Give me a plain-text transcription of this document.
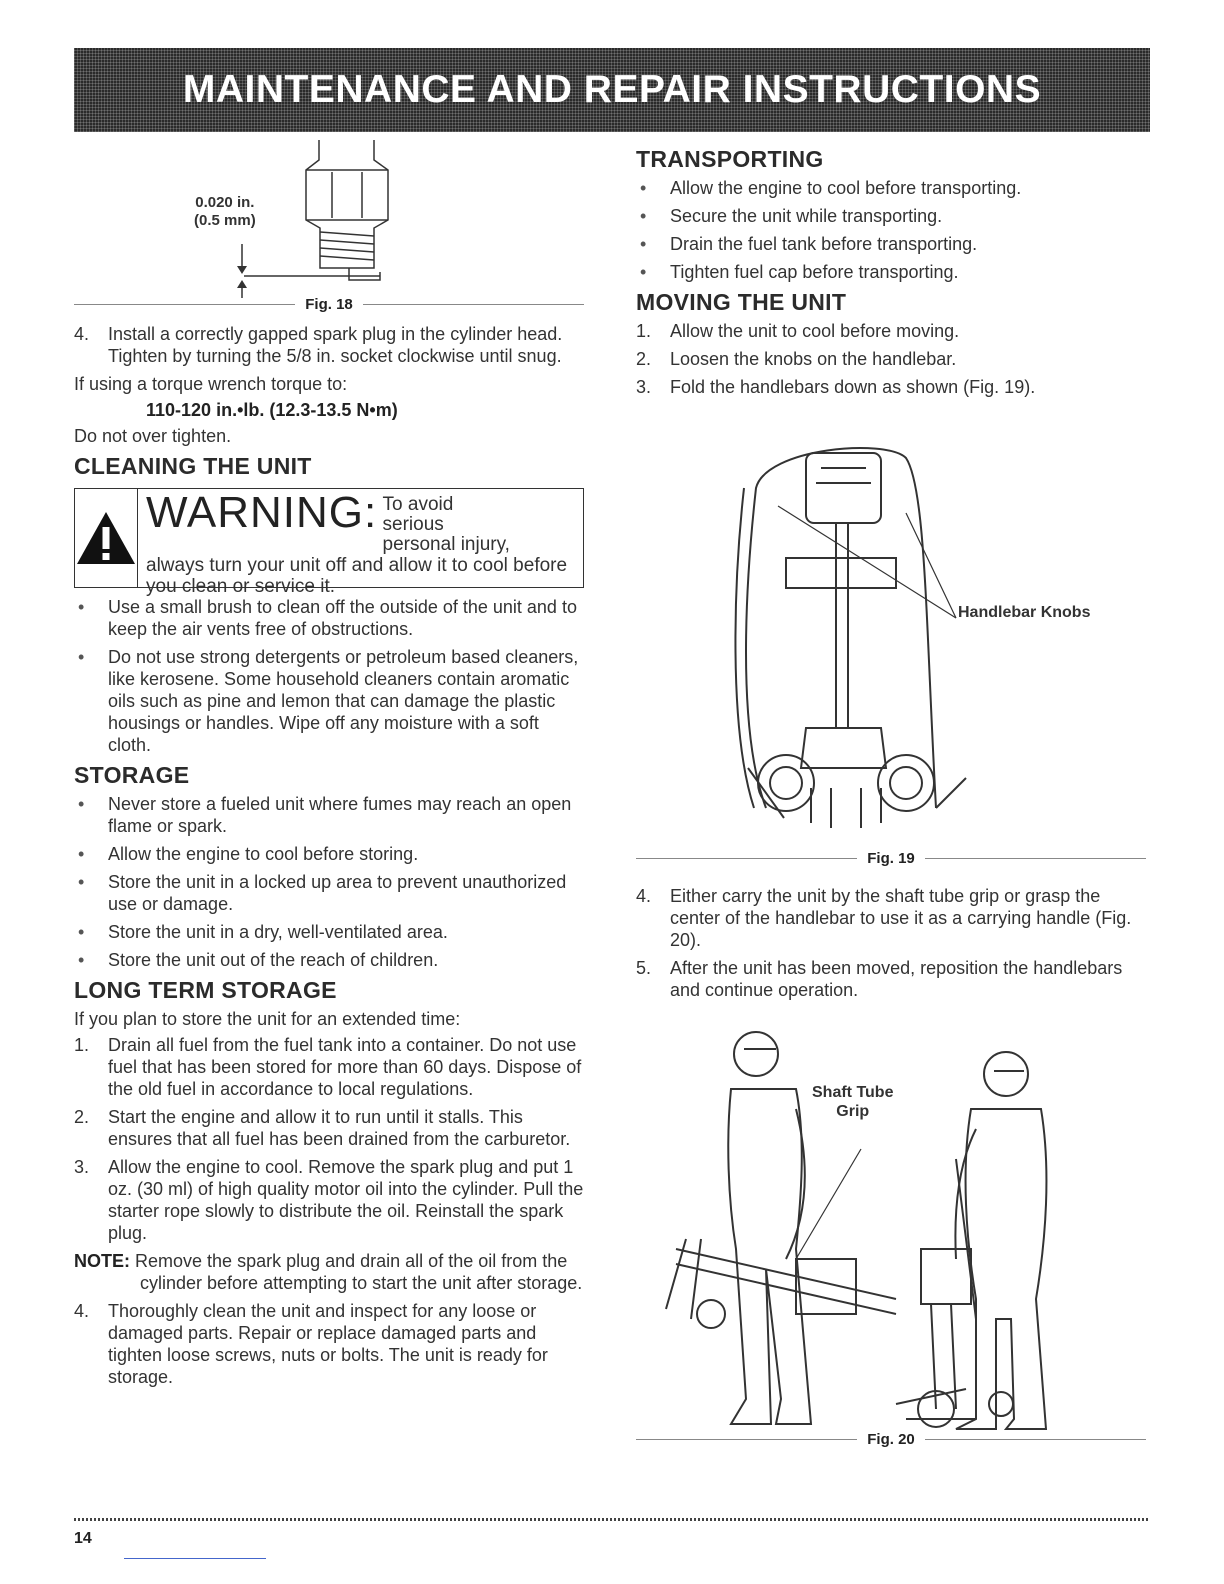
MAINTENANCE AND REPAIR INSTRUCTIONS
0.020 in.
(0.5 mm)
Fig. 18
4. Install a correctly gapped spark plug in the cylinder head. Tighten by turning the 5/8 in. socket clockwise until snug.

If using a torque wrench torque to:

110-120 in.•lb. (12.3-13.5 N•m)

Do not over tighten.

CLEANING THE UNIT
WARNING: To avoid serious personal injury,
always turn your unit off and allow it to cool before you clean or service it.
• Use a small brush to clean off the outside of the unit and to keep the air vents free of obstructions.
• Do not use strong detergents or petroleum based cleaners, like kerosene. Some household cleaners contain aromatic oils such as pine and lemon that can damage the plastic housings or handles. Wipe off any moisture with a soft cloth.
STORAGE
• Never store a fueled unit where fumes may reach an open flame or spark.
• Allow the engine to cool before storing.
• Store the unit in a locked up area to prevent unauthorized use or damage.
• Store the unit in a dry, well-ventilated area.
• Store the unit out of the reach of children.
LONG TERM STORAGE

If you plan to store the unit for an extended time:

1. Drain all fuel from the fuel tank into a container. Do not use fuel that has been stored for more than 60 days. Dispose of the old fuel in accordance to local regulations.
2. Start the engine and allow it to run until it stalls. This ensures that all fuel has been drained from the carburetor.
3. Allow the engine to cool. Remove the spark plug and put 1 oz. (30 ml) of high quality motor oil into the cylinder. Pull the starter rope slowly to distribute the oil. Reinstall the spark plug.
NOTE: Remove the spark plug and drain all of the oil from the cylinder before attempting to start the unit after storage.
4. Thoroughly clean the unit and inspect for any loose or damaged parts. Repair or replace damaged parts and tighten loose screws, nuts or bolts. The unit is ready for storage.
TRANSPORTING
• Allow the engine to cool before transporting.
• Secure the unit while transporting.
• Drain the fuel tank before transporting.
• Tighten fuel cap before transporting.
MOVING THE UNIT
1. Allow the unit to cool before moving.
2. Loosen the knobs on the handlebar.
3. Fold the handlebars down as shown (Fig. 19).
Handlebar Knobs
Fig. 19
4. Either carry the unit by the shaft tube grip or grasp the center of the handlebar to use it as a carrying handle (Fig. 20).
5. After the unit has been moved, reposition the handlebars and continue operation.
Shaft Tube
Grip
Fig. 20
14
